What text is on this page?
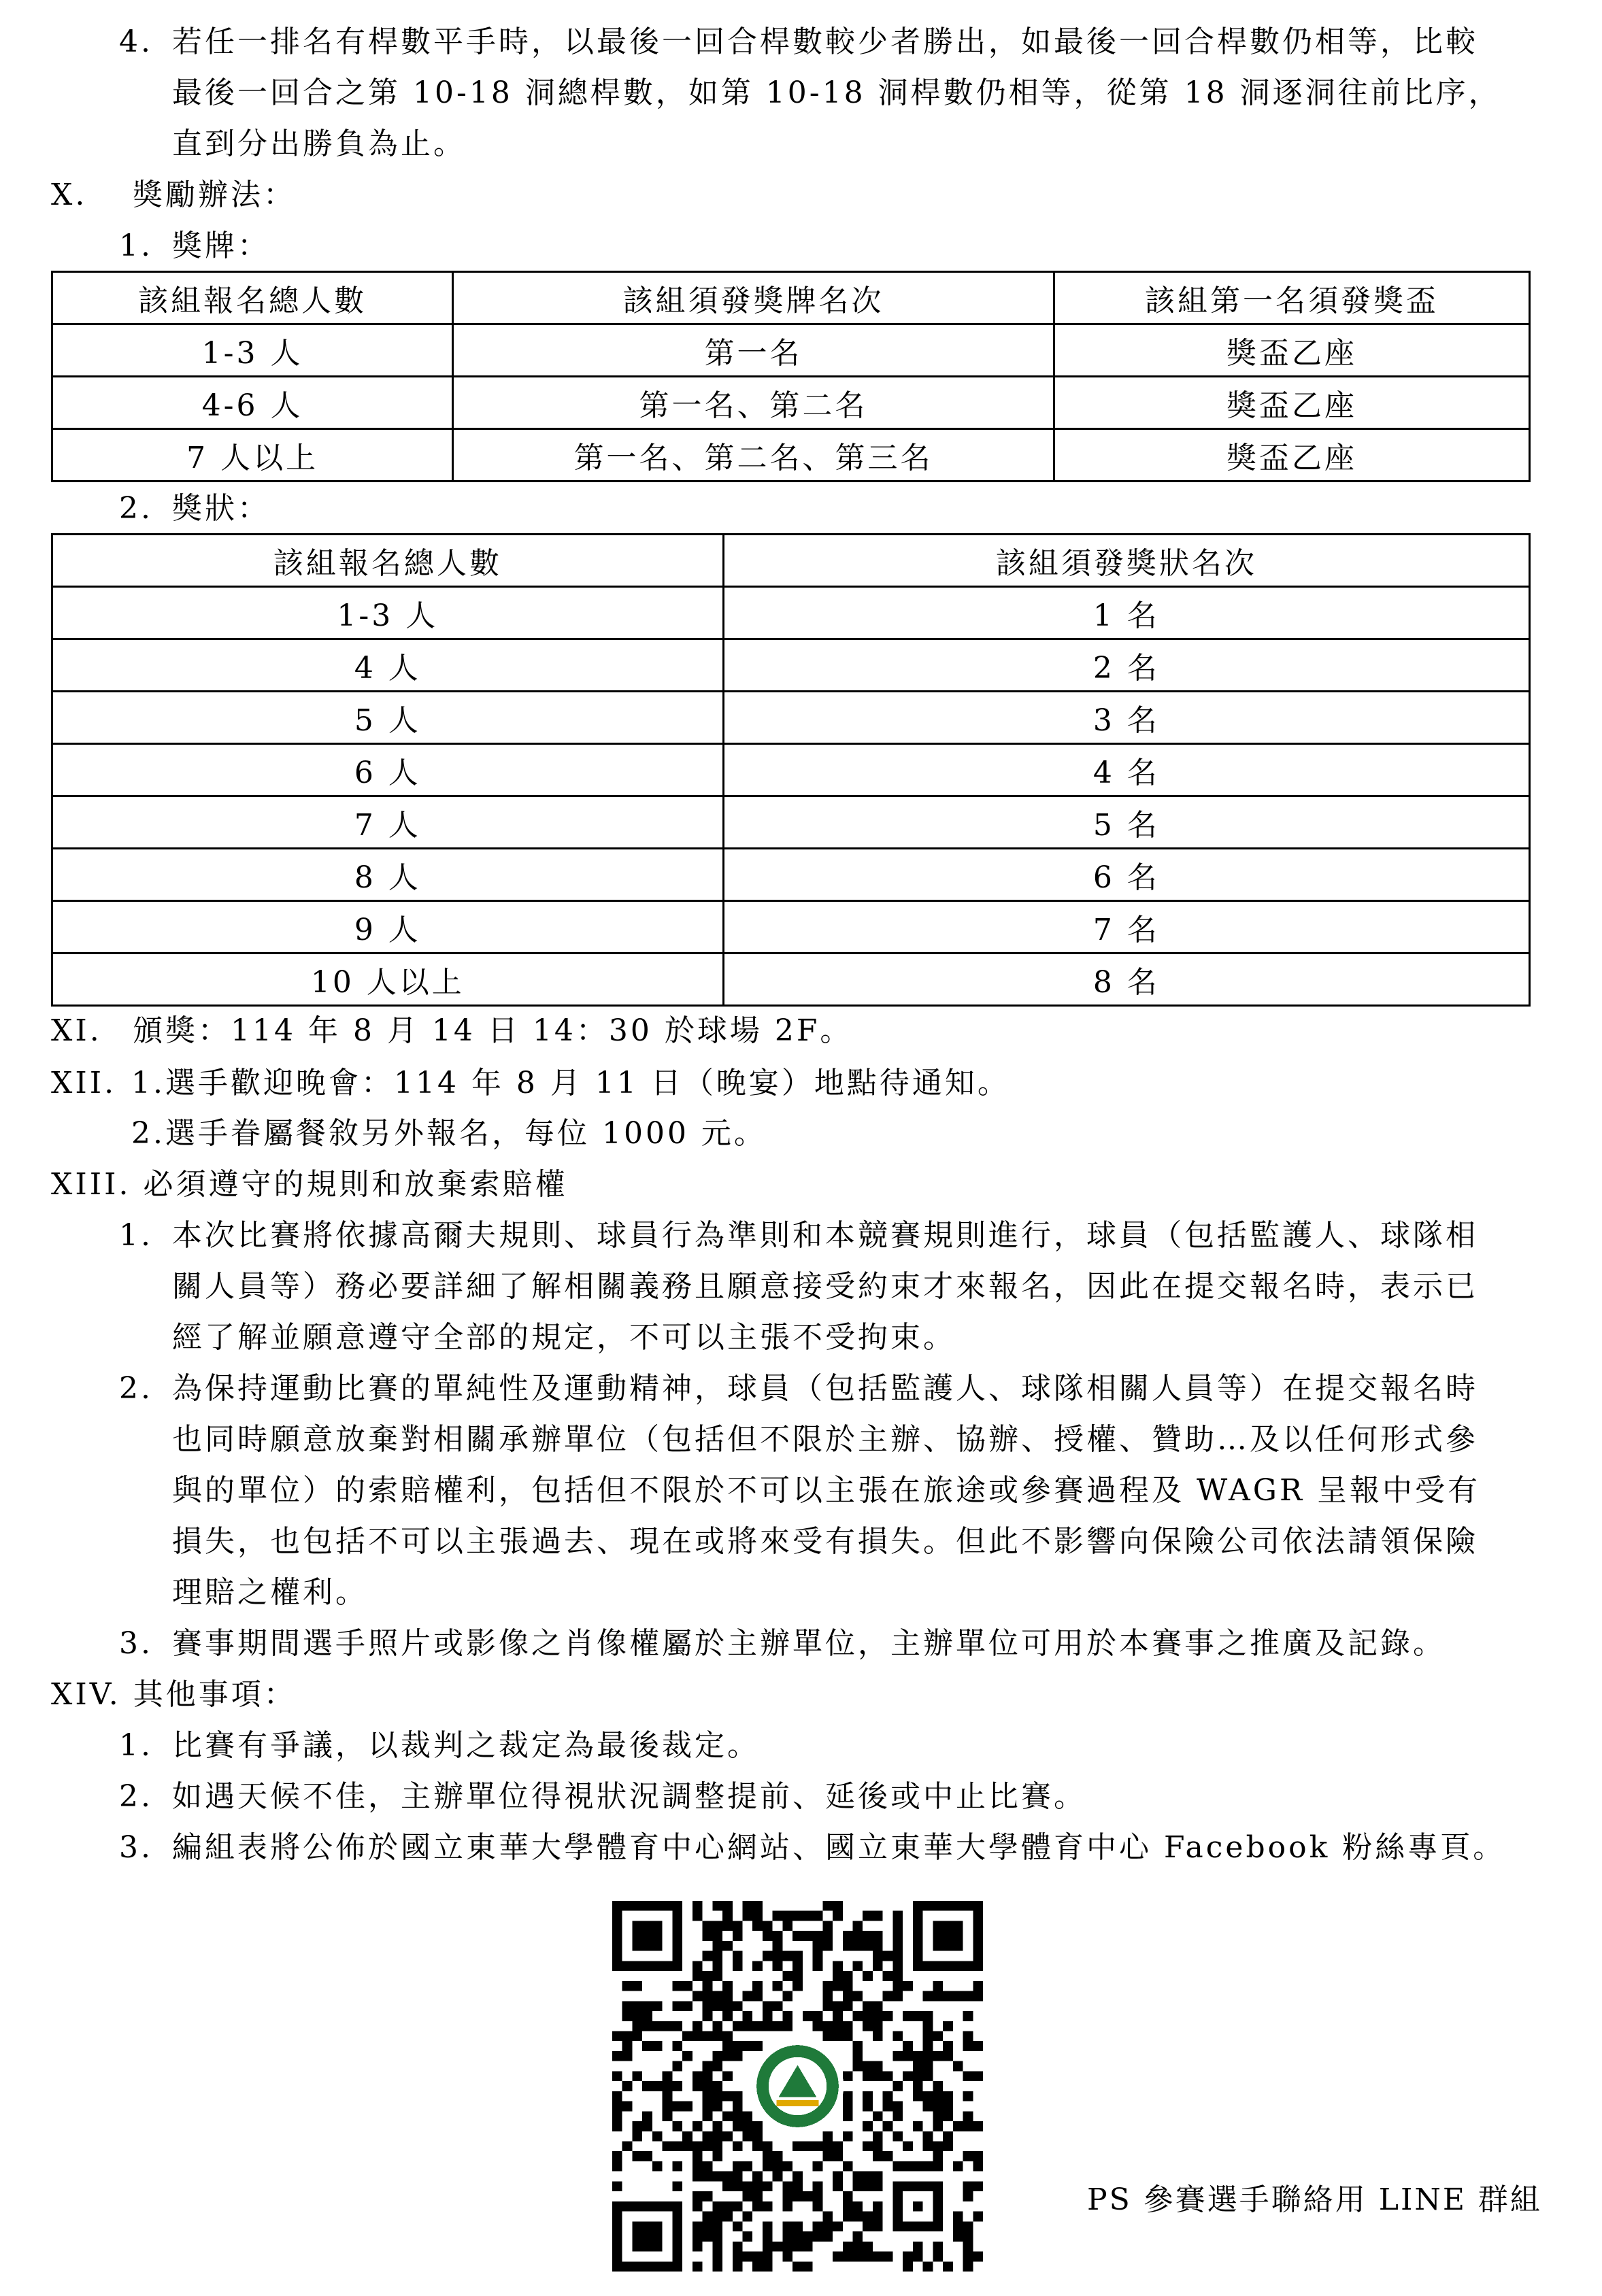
4. 若任一排名有桿數平手時，以最後一回合桿數較少者勝出，如最後一回合桿數仍相等，比較
最後一回合之第 10-18 洞總桿數，如第 10-18 洞桿數仍相等，從第 18 洞逐洞往前比序，
直到分出勝負為止。
X. 獎勵辦法：
1. 獎牌：
該組報名總人數	該組須發獎牌名次	該組第一名須發獎盃
1-3 人	第一名	獎盃乙座
4-6 人	第一名、第二名	獎盃乙座
7 人以上	第一名、第二名、第三名	獎盃乙座
2. 獎狀：
該組報名總人數	該組須發獎狀名次
1-3 人	1 名
4 人	2 名
5 人	3 名
6 人	4 名
7 人	5 名
8 人	6 名
9 人	7 名
10 人以上	8 名
XI. 頒獎：114 年 8 月 14 日 14：30 於球場 2F。
XII. 1.選手歡迎晚會：114 年 8 月 11 日（晚宴）地點待通知。
2.選手眷屬餐敘另外報名，每位 1000 元。
XIII. 必須遵守的規則和放棄索賠權
1. 本次比賽將依據高爾夫規則、球員行為準則和本競賽規則進行，球員（包括監護人、球隊相
關人員等）務必要詳細了解相關義務且願意接受約束才來報名，因此在提交報名時，表示已
經了解並願意遵守全部的規定，不可以主張不受拘束。
2. 為保持運動比賽的單純性及運動精神，球員（包括監護人、球隊相關人員等）在提交報名時
也同時願意放棄對相關承辦單位（包括但不限於主辦、協辦、授權、贊助…及以任何形式參
與的單位）的索賠權利，包括但不限於不可以主張在旅途或參賽過程及 WAGR 呈報中受有
損失，也包括不可以主張過去、現在或將來受有損失。但此不影響向保險公司依法請領保險
理賠之權利。
3. 賽事期間選手照片或影像之肖像權屬於主辦單位，主辦單位可用於本賽事之推廣及記錄。
XIV. 其他事項：
1. 比賽有爭議，以裁判之裁定為最後裁定。
2. 如遇天候不佳，主辦單位得視狀況調整提前、延後或中止比賽。
3. 編組表將公佈於國立東華大學體育中心網站、國立東華大學體育中心 Facebook 粉絲專頁。
PS 參賽選手聯絡用 LINE 群組
